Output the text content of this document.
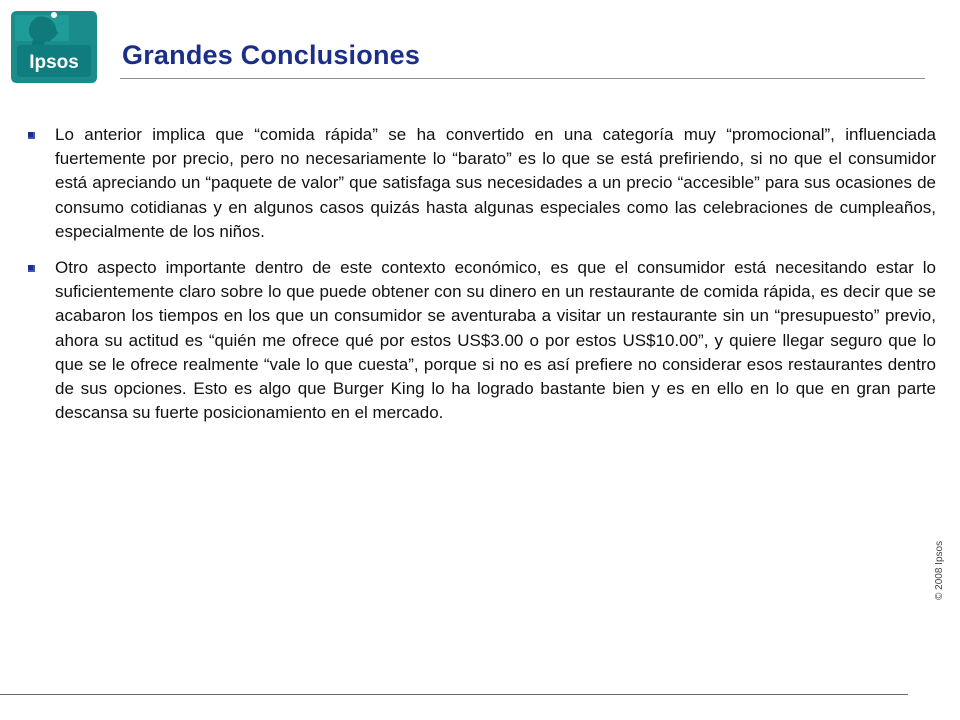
Ipsos	Grandes Conclusiones
Lo anterior implica que “comida rápida” se ha convertido en una categoría muy “promocional”, influenciada fuertemente por precio, pero no necesariamente lo “barato” es lo que se está prefiriendo, si no que el consumidor está apreciando un “paquete de valor” que satisfaga sus necesidades a un precio “accesible” para sus ocasiones de consumo cotidianas y en algunos casos quizás hasta algunas especiales como las celebraciones de cumpleaños, especialmente de los niños.
Otro aspecto importante dentro de este contexto económico, es que el consumidor está necesitando estar lo suficientemente claro sobre lo que puede obtener con su dinero en un restaurante de comida rápida, es decir que se acabaron los tiempos en los que un consumidor se aventuraba a visitar un restaurante sin un “presupuesto” previo, ahora su actitud es “quién me ofrece qué por estos US$3.00 o por estos US$10.00”, y quiere llegar seguro que lo que se le ofrece realmente “vale lo que cuesta”, porque si no es así prefiere no considerar esos restaurantes dentro de sus opciones. Esto es algo que Burger King lo ha logrado bastante bien y es en ello en lo que en gran parte descansa su fuerte posicionamiento en el mercado.
© 2008 Ipsos
